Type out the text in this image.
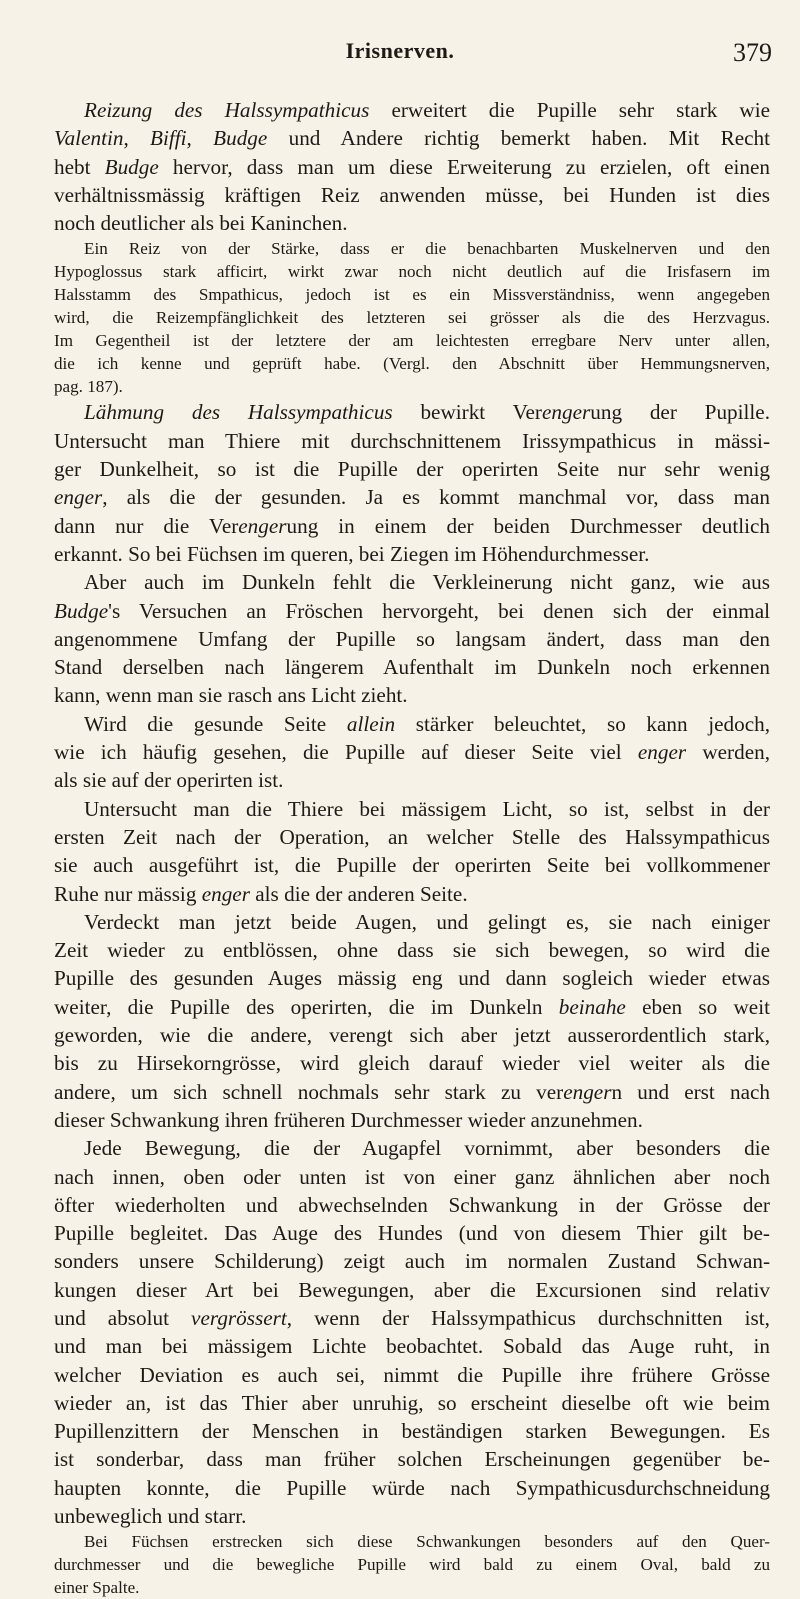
Irisnerven.	379
Reizung des Halssympathicus erweitert die Pupille sehr stark wie
Valentin, Biffi, Budge und Andere richtig bemerkt haben. Mit Recht
hebt Budge hervor, dass man um diese Erweiterung zu erzielen, oft einen
verhältnissmässig kräftigen Reiz anwenden müsse, bei Hunden ist dies
noch deutlicher als bei Kaninchen.
Ein Reiz von der Stärke, dass er die benachbarten Muskelnerven und den
Hypoglossus stark afficirt, wirkt zwar noch nicht deutlich auf die Irisfasern im
Halsstamm des Smpathicus, jedoch ist es ein Missverständniss, wenn angegeben
wird, die Reizempfänglichkeit des letzteren sei grösser als die des Herzvagus.
Im Gegentheil ist der letztere der am leichtesten erregbare Nerv unter allen,
die ich kenne und geprüft habe. (Vergl. den Abschnitt über Hemmungsnerven,
pag. 187).
Lähmung des Halssympathicus bewirkt Verengerung der Pupille.
Untersucht man Thiere mit durchschnittenem Irissympathicus in mässi-
ger Dunkelheit, so ist die Pupille der operirten Seite nur sehr wenig
enger, als die der gesunden. Ja es kommt manchmal vor, dass man
dann nur die Verengerung in einem der beiden Durchmesser deutlich
erkannt. So bei Füchsen im queren, bei Ziegen im Höhendurchmesser.
Aber auch im Dunkeln fehlt die Verkleinerung nicht ganz, wie aus
Budge's Versuchen an Fröschen hervorgeht, bei denen sich der einmal
angenommene Umfang der Pupille so langsam ändert, dass man den
Stand derselben nach längerem Aufenthalt im Dunkeln noch erkennen
kann, wenn man sie rasch ans Licht zieht.
Wird die gesunde Seite allein stärker beleuchtet, so kann jedoch,
wie ich häufig gesehen, die Pupille auf dieser Seite viel enger werden,
als sie auf der operirten ist.
Untersucht man die Thiere bei mässigem Licht, so ist, selbst in der
ersten Zeit nach der Operation, an welcher Stelle des Halssympathicus
sie auch ausgeführt ist, die Pupille der operirten Seite bei vollkommener
Ruhe nur mässig enger als die der anderen Seite.
Verdeckt man jetzt beide Augen, und gelingt es, sie nach einiger
Zeit wieder zu entblössen, ohne dass sie sich bewegen, so wird die
Pupille des gesunden Auges mässig eng und dann sogleich wieder etwas
weiter, die Pupille des operirten, die im Dunkeln beinahe eben so weit
geworden, wie die andere, verengt sich aber jetzt ausserordentlich stark,
bis zu Hirsekorngrösse, wird gleich darauf wieder viel weiter als die
andere, um sich schnell nochmals sehr stark zu verengern und erst nach
dieser Schwankung ihren früheren Durchmesser wieder anzunehmen.
Jede Bewegung, die der Augapfel vornimmt, aber besonders die
nach innen, oben oder unten ist von einer ganz ähnlichen aber noch
öfter wiederholten und abwechselnden Schwankung in der Grösse der
Pupille begleitet. Das Auge des Hundes (und von diesem Thier gilt be-
sonders unsere Schilderung) zeigt auch im normalen Zustand Schwan-
kungen dieser Art bei Bewegungen, aber die Excursionen sind relativ
und absolut vergrössert, wenn der Halssympathicus durchschnitten ist,
und man bei mässigem Lichte beobachtet. Sobald das Auge ruht, in
welcher Deviation es auch sei, nimmt die Pupille ihre frühere Grösse
wieder an, ist das Thier aber unruhig, so erscheint dieselbe oft wie beim
Pupillenzittern der Menschen in beständigen starken Bewegungen. Es
ist sonderbar, dass man früher solchen Erscheinungen gegenüber be-
haupten konnte, die Pupille würde nach Sympathicusdurchschneidung
unbeweglich und starr.
Bei Füchsen erstrecken sich diese Schwankungen besonders auf den Quer-
durchmesser und die bewegliche Pupille wird bald zu einem Oval, bald zu
einer Spalte.
